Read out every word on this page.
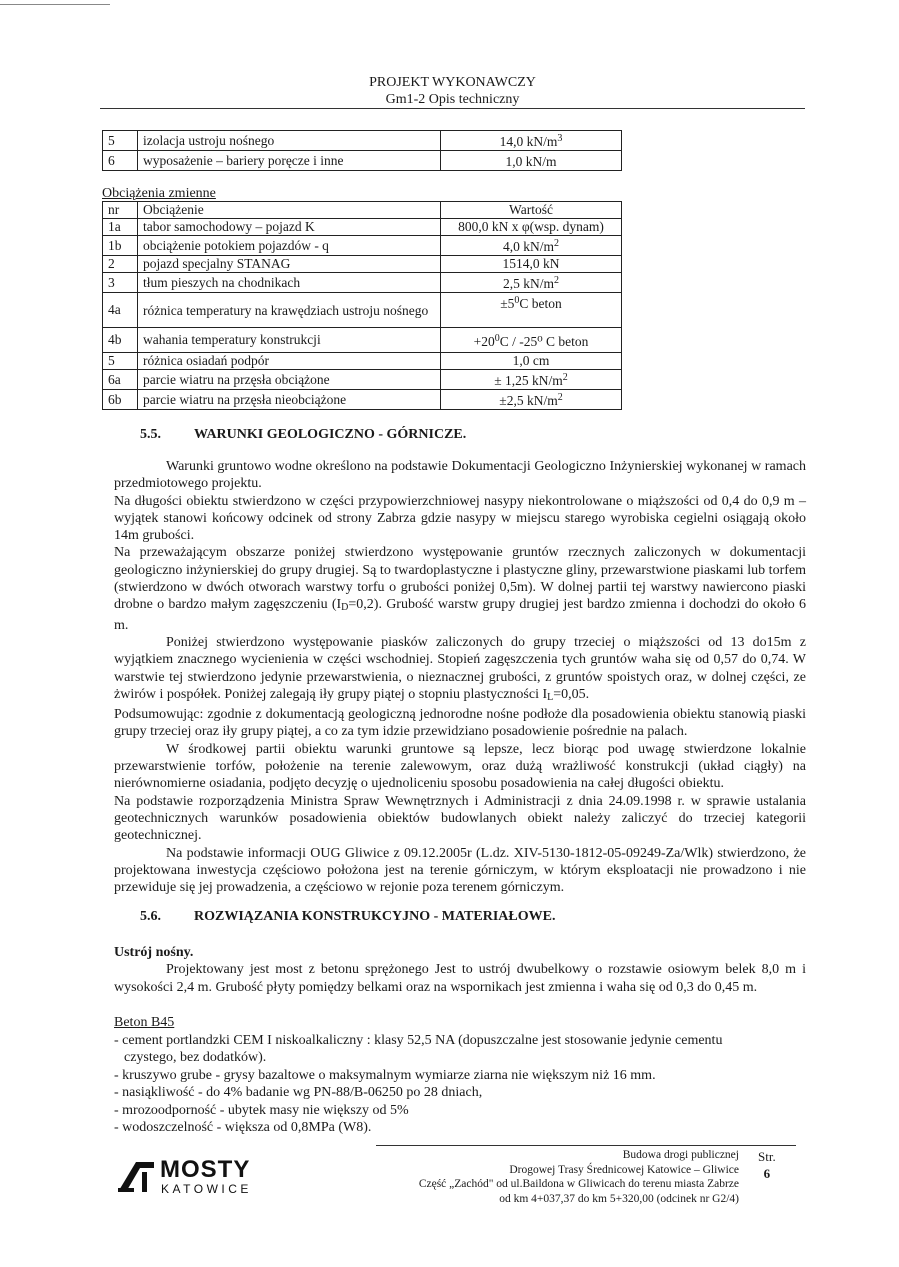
PROJEKT WYKONAWCZY
Gm1-2 Opis techniczny
5	izolacja ustroju nośnego	14,0 $kN/m^3$
6	wyposażenie – bariery poręcze i inne	1,0 kN/m
Obciążenia zmienne
nr	Obciążenie	Wartość
1a	tabor samochodowy – pojazd K	800,0 kN x φ(wsp. dynam)
1b	obciążenie potokiem pojazdów - q	4,0 $kN/m^2$
2	pojazd specjalny STANAG	1514,0 kN
3	tłum pieszych na chodnikach	2,5 $kN/m^2$
4a	różnica temperatury na krawędziach ustroju nośnego	$\pm 5^0C$ beton
4b	wahania temperatury konstrukcji	$+20^0C / -25^0$ C beton
5	różnica osiadań podpór	1,0 cm
6a	parcie wiatru na przęsła obciążone	± 1,25 $kN/m^2$
6b	parcie wiatru na przęsła nieobciążone	±2,5 $kN/m^2$
5.5. WARUNKI GEOLOGICZNO - GÓRNICZE.

Warunki gruntowo wodne określono na podstawie Dokumentacji Geologiczno Inżynierskiej wykonanej w ramach przedmiotowego projektu.

Na długości obiektu stwierdzono w części przypowierzchniowej nasypy niekontrolowane o miąższości od 0,4 do 0,9 m – wyjątek stanowi końcowy odcinek od strony Zabrza gdzie nasypy w miejscu starego wyrobiska cegielni osiągają około 14m grubości.

Na przeważającym obszarze poniżej stwierdzono występowanie gruntów rzecznych zaliczonych w dokumentacji geologiczno inżynierskiej do grupy drugiej. Są to twardoplastyczne i plastyczne gliny, przewarstwione piaskami lub torfem (stwierdzono w dwóch otworach warstwy torfu o grubości poniżej 0,5m). W dolnej partii tej warstwy nawiercono piaski drobne o bardzo małym zagęszczeniu $(I_D=0,2)$. Grubość warstw grupy drugiej jest bardzo zmienna i dochodzi do około 6 m.

Poniżej stwierdzono występowanie piasków zaliczonych do grupy trzeciej o miąższości od 13 do15m z wyjątkiem znacznego wycienienia w części wschodniej. Stopień zagęszczenia tych gruntów waha się od 0,57 do 0,74. W warstwie tej stwierdzono jedynie przewarstwienia, o nieznacznej grubości, z gruntów spoistych oraz, w dolnej części, ze żwirów i pospółek. Poniżej zalegają iły grupy piątej o stopniu plastyczności $I_L=0,05$.

Podsumowując: zgodnie z dokumentacją geologiczną jednorodne nośne podłoże dla posadowienia obiektu stanowią piaski grupy trzeciej oraz iły grupy piątej, a co za tym idzie przewidziano posadowienie pośrednie na palach.

W środkowej partii obiektu warunki gruntowe są lepsze, lecz biorąc pod uwagę stwierdzone lokalnie przewarstwienie torfów, położenie na terenie zalewowym, oraz dużą wrażliwość konstrukcji (układ ciągły) na nierównomierne osiadania, podjęto decyzję o ujednoliceniu sposobu posadowienia na całej długości obiektu.

Na podstawie rozporządzenia Ministra Spraw Wewnętrznych i Administracji z dnia 24.09.1998 r. w sprawie ustalania geotechnicznych warunków posadowienia obiektów budowlanych obiekt należy zaliczyć do trzeciej kategorii geotechnicznej.

Na podstawie informacji OUG Gliwice z 09.12.2005r (L.dz. XIV-5130-1812-05-09249-Za/Wlk) stwierdzono, że projektowana inwestycja częściowo położona jest na terenie górniczym, w którym eksploatacji nie prowadzono i nie przewiduje się jej prowadzenia, a częściowo w rejonie poza terenem górniczym.

5.6. ROZWIĄZANIA KONSTRUKCYJNO - MATERIAŁOWE.

Ustrój nośny.

Projektowany jest most z betonu sprężonego Jest to ustrój dwubelkowy o rozstawie osiowym belek 8,0 m i wysokości 2,4 m. Grubość płyty pomiędzy belkami oraz na wspornikach jest zmienna i waha się od 0,3 do 0,45 m.

Beton B45

- cement portlandzki CEM I niskoalkaliczny : klasy 52,5 NA (dopuszczalne jest stosowanie jedynie cementu

czystego, bez dodatków).

- kruszywo grube - grysy bazaltowe o maksymalnym wymiarze ziarna nie większym niż 16 mm.

- nasiąkliwość - do 4% badanie wg PN-88/B-06250 po 28 dniach,

- mrozoodporność - ubytek masy nie większy od 5%

- wodoszczelność - większa od 0,8MPa (W8).

MOSTY
KATOWICE
Budowa drogi publicznej
Drogowej Trasy Średnicowej Katowice – Gliwice
Część „Zachód" od ul.Baildona w Gliwicach do terenu miasta Zabrze
od km 4+037,37 do km 5+320,00 (odcinek nr G2/4)
Str.
6
